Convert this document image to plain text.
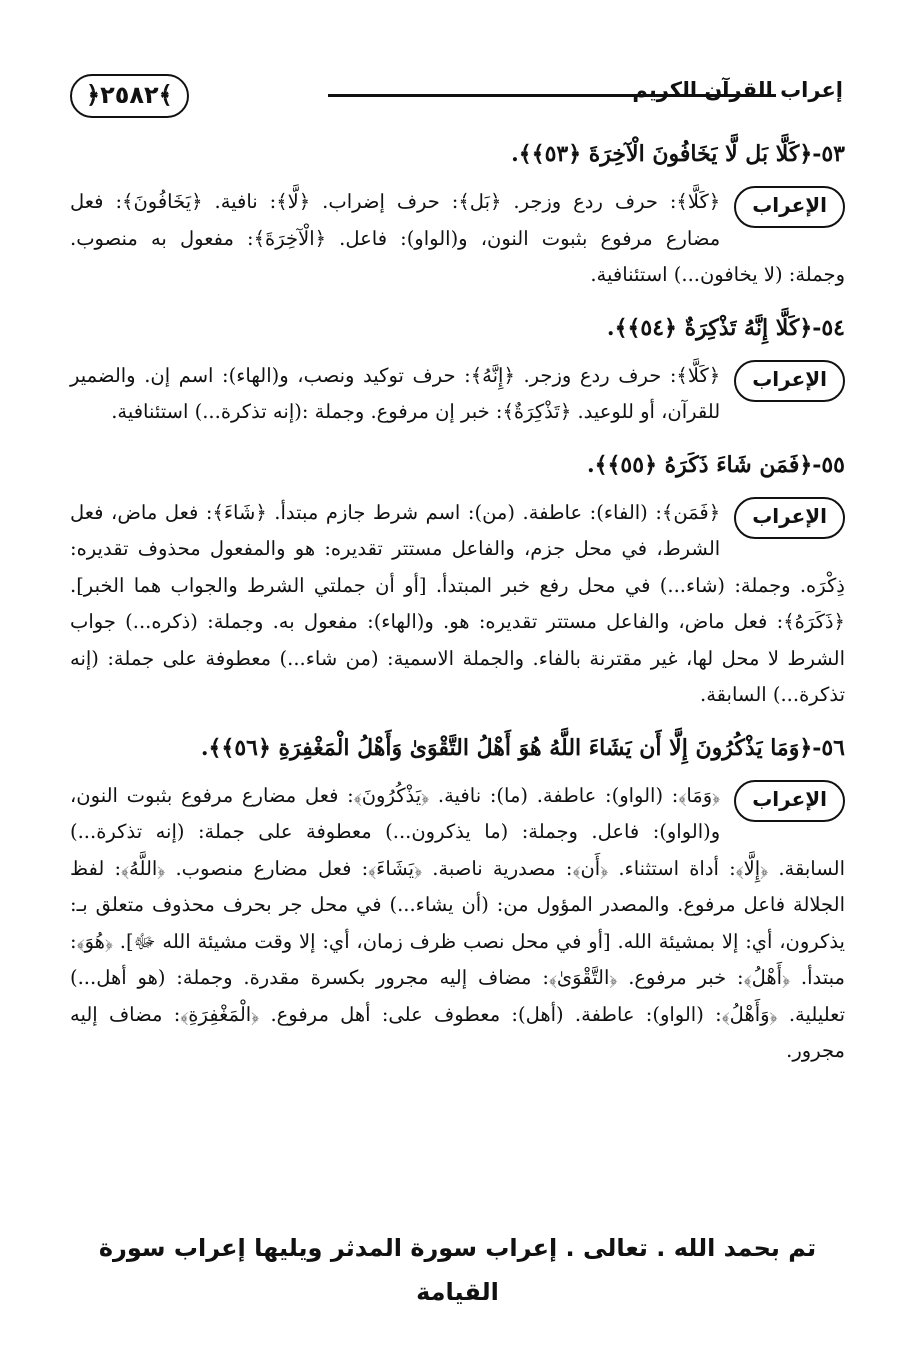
﴿٢٥٨٢﴾	إعراب القرآن الكريم
٥٣-﴿كَلَّا بَل لَّا يَخَافُونَ الْآخِرَةَ ﴿٥٣﴾﴾.
الإعراب
﴿كَلَّا﴾: حرف ردع وزجر. ﴿بَل﴾: حرف إضراب. ﴿لَّا﴾: نافية. ﴿يَخَافُونَ﴾: فعل مضارع مرفوع بثبوت النون، و(الواو): فاعل. ﴿الْآخِرَةَ﴾: مفعول به منصوب. وجملة: (لا يخافون...) استئنافية.
٥٤-﴿كَلَّا إِنَّهُ تَذْكِرَةٌ ﴿٥٤﴾﴾.
الإعراب
﴿كَلَّا﴾: حرف ردع وزجر. ﴿إِنَّهُ﴾: حرف توكيد ونصب، و(الهاء): اسم إن. والضمير للقرآن، أو للوعيد. ﴿تَذْكِرَةٌ﴾: خبر إن مرفوع. وجملة :(إنه تذكرة...) استئنافية.
٥٥-﴿فَمَن شَاءَ ذَكَرَهُ ﴿٥٥﴾﴾.
الإعراب
﴿فَمَن﴾: (الفاء): عاطفة. (من): اسم شرط جازم مبتدأ. ﴿شَاءَ﴾: فعل ماض، فعل الشرط، في محل جزم، والفاعل مستتر تقديره: هو والمفعول محذوف تقديره: ذِكْرَه. وجملة: (شاء...) في محل رفع خبر المبتدأ. [أو أن جملتي الشرط والجواب هما الخبر]. ﴿ذَكَرَهُ﴾: فعل ماض، والفاعل مستتر تقديره: هو. و(الهاء): مفعول به. وجملة: (ذكره...) جواب الشرط لا محل لها، غير مقترنة بالفاء. والجملة الاسمية: (من شاء...) معطوفة على جملة: (إنه تذكرة...) السابقة.
٥٦-﴿وَمَا يَذْكُرُونَ إِلَّا أَن يَشَاءَ اللَّهُ هُوَ أَهْلُ التَّقْوَىٰ وَأَهْلُ الْمَغْفِرَةِ ﴿٥٦﴾﴾.
الإعراب
﴿وَمَا﴾: (الواو): عاطفة. (ما): نافية. ﴿يَذْكُرُونَ﴾: فعل مضارع مرفوع بثبوت النون، و(الواو): فاعل. وجملة: (ما يذكرون...) معطوفة على جملة: (إنه تذكرة...) السابقة. ﴿إِلَّا﴾: أداة استثناء. ﴿أَن﴾: مصدرية ناصبة. ﴿يَشَاءَ﴾: فعل مضارع منصوب. ﴿اللَّهُ﴾: لفظ الجلالة فاعل مرفوع. والمصدر المؤول من: (أن يشاء...) في محل جر بحرف محذوف متعلق بـ: يذكرون، أي: إلا بمشيئة الله. [أو في محل نصب ظرف زمان، أي: إلا وقت مشيئة الله ﷻ]. ﴿هُوَ﴾: مبتدأ. ﴿أَهْلُ﴾: خبر مرفوع. ﴿التَّقْوَىٰ﴾: مضاف إليه مجرور بكسرة مقدرة. وجملة: (هو أهل...) تعليلية. ﴿وَأَهْلُ﴾: (الواو): عاطفة. (أهل): معطوف على: أهل مرفوع. ﴿الْمَغْفِرَةِ﴾: مضاف إليه مجرور.
تم بحمد الله . تعالى . إعراب سورة المدثر ويليها إعراب سورة القيامة
